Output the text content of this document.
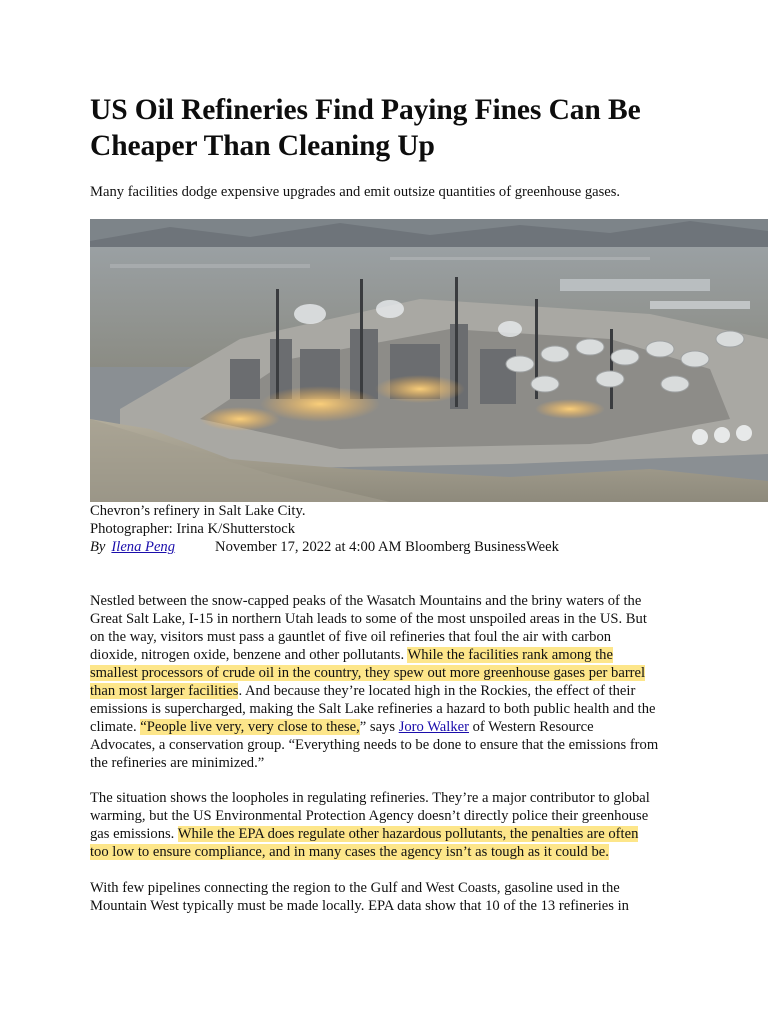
US Oil Refineries Find Paying Fines Can Be
Cheaper Than Cleaning Up

Many facilities dodge expensive upgrades and emit outsize quantities of greenhouse gases.

Chevron’s refinery in Salt Lake City.
Photographer: Irina K/Shutterstock
By Ilena Peng	November 17, 2022 at 4:00 AM Bloomberg BusinessWeek

Nestled between the snow-capped peaks of the Wasatch Mountains and the briny waters of the
Great Salt Lake, I-15 in northern Utah leads to some of the most unspoiled areas in the US. But
on the way, visitors must pass a gauntlet of five oil refineries that foul the air with carbon
dioxide, nitrogen oxide, benzene and other pollutants. While the facilities rank among the
smallest processors of crude oil in the country, they spew out more greenhouse gases per barrel
than most larger facilities. And because they’re located high in the Rockies, the effect of their
emissions is supercharged, making the Salt Lake refineries a hazard to both public health and the
climate. “People live very, very close to these,” says Joro Walker of Western Resource
Advocates, a conservation group. “Everything needs to be done to ensure that the emissions from
the refineries are minimized.”

The situation shows the loopholes in regulating refineries. They’re a major contributor to global
warming, but the US Environmental Protection Agency doesn’t directly police their greenhouse
gas emissions. While the EPA does regulate other hazardous pollutants, the penalties are often
too low to ensure compliance, and in many cases the agency isn’t as tough as it could be.

With few pipelines connecting the region to the Gulf and West Coasts, gasoline used in the
Mountain West typically must be made locally. EPA data show that 10 of the 13 refineries in
